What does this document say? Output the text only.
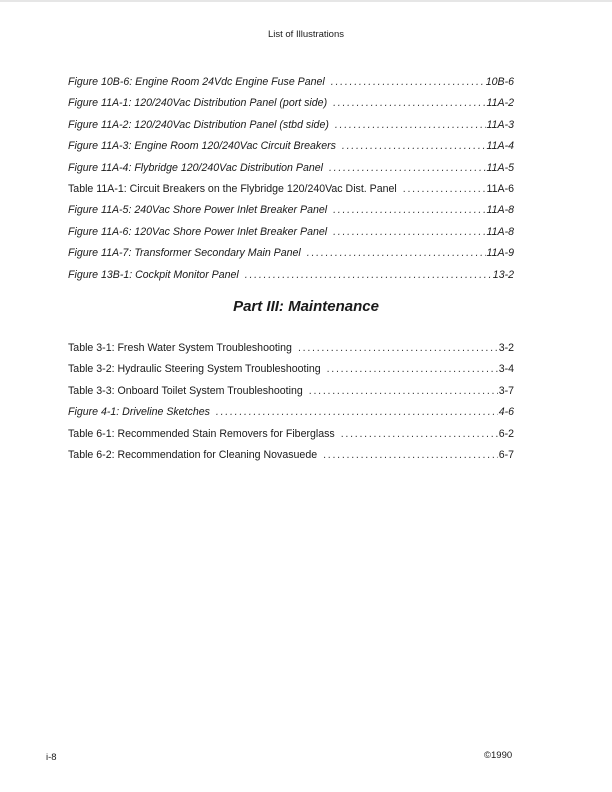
List of Illustrations
Figure 10B-6: Engine Room 24Vdc Engine Fuse Panel . . .	10B-6
Figure 11A-1: 120/240Vac Distribution Panel (port side) . . .	11A-2
Figure 11A-2: 120/240Vac Distribution Panel (stbd side) . . .	11A-3
Figure 11A-3: Engine Room 120/240Vac Circuit Breakers . . .	11A-4
Figure 11A-4: Flybridge 120/240Vac Distribution Panel . . .	11A-5
Table 11A-1: Circuit Breakers on the Flybridge 120/240Vac Dist. Panel . . .	11A-6
Figure 11A-5: 240Vac Shore Power Inlet Breaker Panel . . .	11A-8
Figure 11A-6: 120Vac Shore Power Inlet Breaker Panel . . .	11A-8
Figure 11A-7: Transformer Secondary Main Panel . . .	11A-9
Figure 13B-1: Cockpit Monitor Panel . . .	13-2
Part III: Maintenance
Table 3-1: Fresh Water System Troubleshooting . . .	3-2
Table 3-2: Hydraulic Steering System Troubleshooting . . .	3-4
Table 3-3: Onboard Toilet System Troubleshooting . . .	3-7
Figure 4-1: Driveline Sketches . . .	4-6
Table 6-1: Recommended Stain Removers for Fiberglass . . .	6-2
Table 6-2: Recommendation for Cleaning Novasuede . . .	6-7
i-8	©1990
